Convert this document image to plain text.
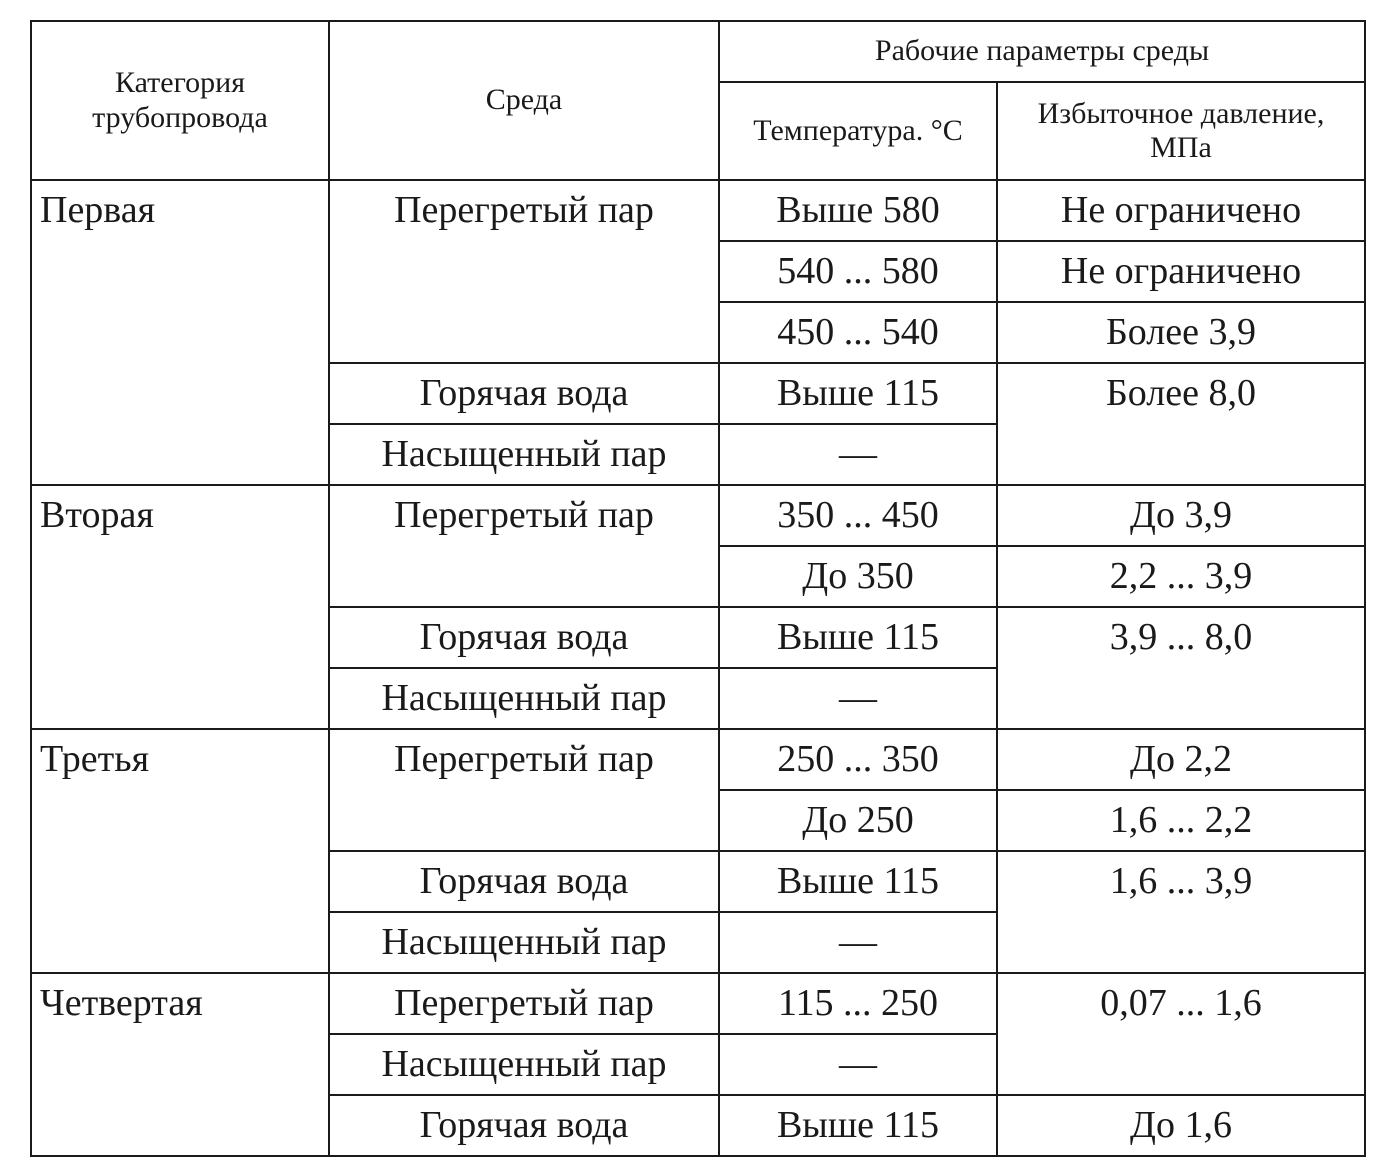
Категория трубопровода	Среда	Рабочие параметры среды	
		Температура. °С	Избыточное давление, МПа
Первая	Перегретый пар	Выше 580	Не ограничено
		540 ... 580	Не ограничено
		450 ... 540	Более 3,9
	Горячая вода	Выше 115	Более 8,0
	Насыщенный пар	—	
Вторая	Перегретый пар	350 ... 450	До 3,9
		До 350	2,2 ... 3,9
	Горячая вода	Выше 115	3,9 ... 8,0
	Насыщенный пар	—	
Третья	Перегретый пар	250 ... 350	До 2,2
		До 250	1,6 ... 2,2
	Горячая вода	Выше 115	1,6 ... 3,9
	Насыщенный пар	—	
Четвертая	Перегретый пар	115 ... 250	0,07 ... 1,6
	Насыщенный пар	—	
	Горячая вода	Выше 115	До 1,6
